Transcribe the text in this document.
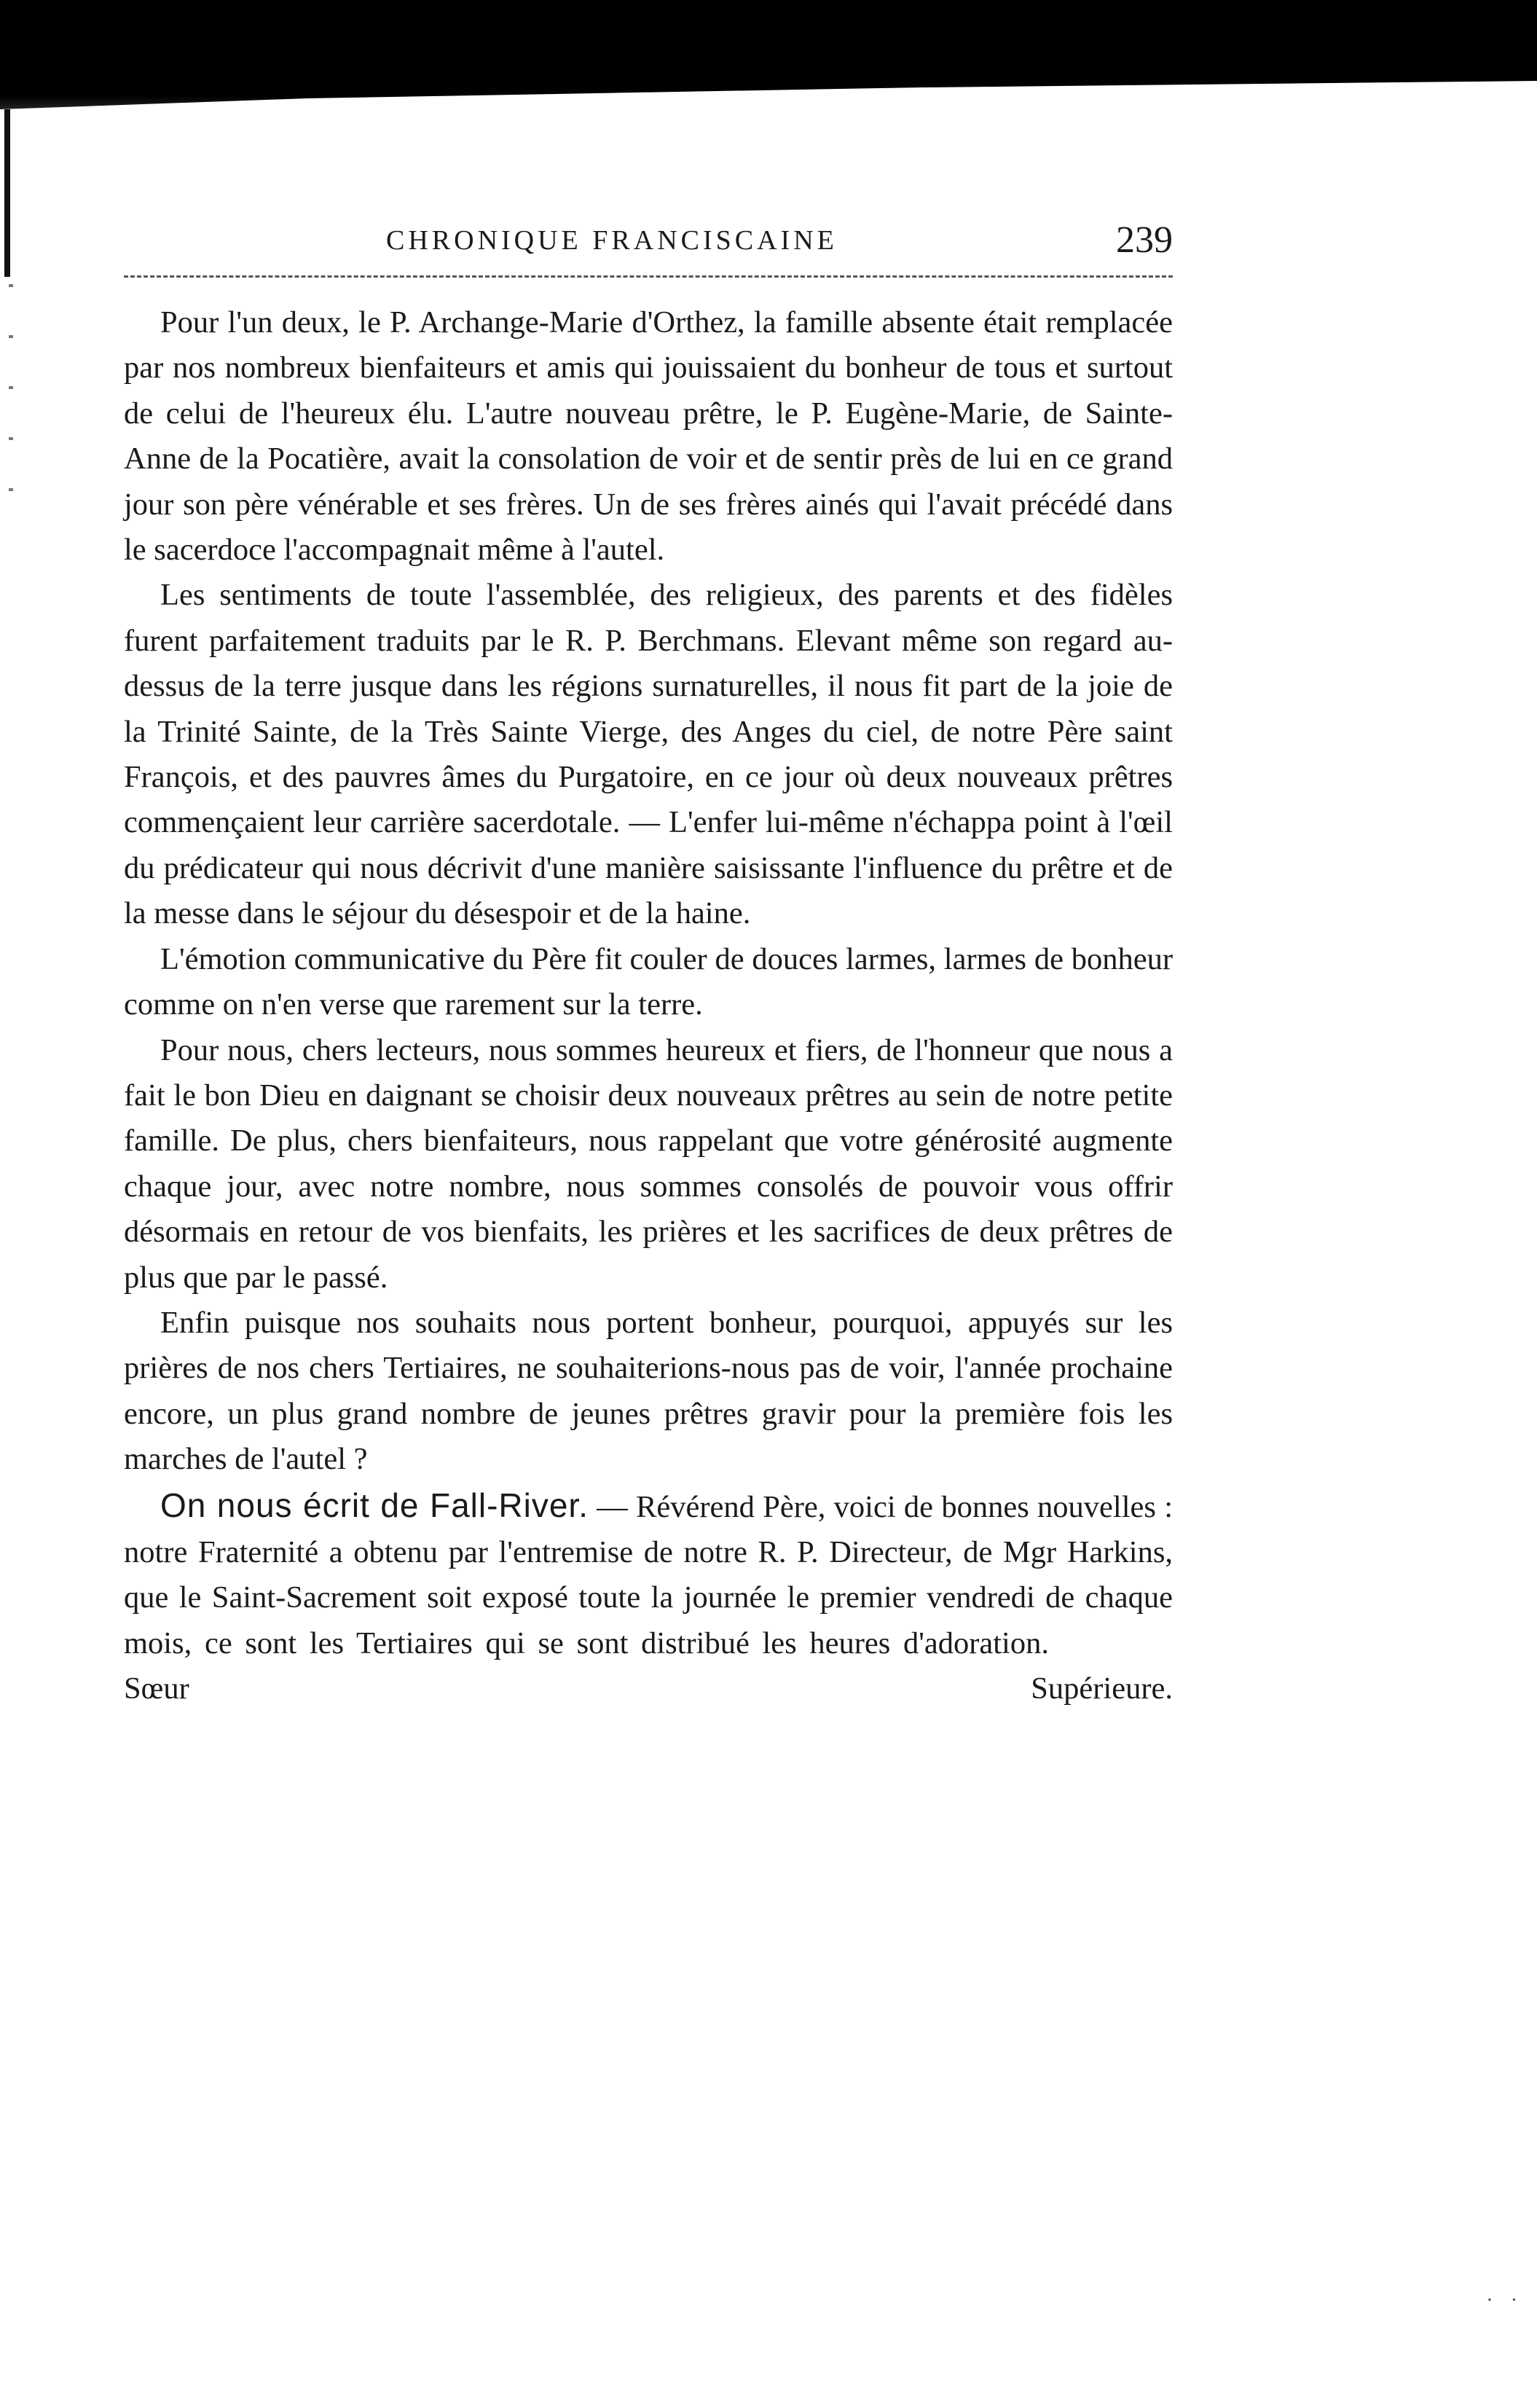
CHRONIQUE FRANCISCAINE	239

Pour l'un deux, le P. Archange-Marie d'Orthez, la famille absente était remplacée par nos nombreux bienfaiteurs et amis qui jouissaient du bonheur de tous et surtout de celui de l'heureux élu. L'autre nouveau prêtre, le P. Eugène-Marie, de Sainte-Anne de la Pocatière, avait la consolation de voir et de sentir près de lui en ce grand jour son père vénérable et ses frères. Un de ses frères ainés qui l'avait précédé dans le sacerdoce l'accompagnait même à l'autel.

Les sentiments de toute l'assemblée, des religieux, des parents et des fidèles furent parfaitement traduits par le R. P. Berchmans. Elevant même son regard au-dessus de la terre jusque dans les régions surnaturelles, il nous fit part de la joie de la Trinité Sainte, de la Très Sainte Vierge, des Anges du ciel, de notre Père saint François, et des pauvres âmes du Purgatoire, en ce jour où deux nouveaux prêtres commençaient leur carrière sacerdotale. — L'enfer lui-même n'échappa point à l'œil du prédicateur qui nous décrivit d'une manière saisissante l'influence du prêtre et de la messe dans le séjour du désespoir et de la haine.

L'émotion communicative du Père fit couler de douces larmes, larmes de bonheur comme on n'en verse que rarement sur la terre.

Pour nous, chers lecteurs, nous sommes heureux et fiers, de l'honneur que nous a fait le bon Dieu en daignant se choisir deux nouveaux prêtres au sein de notre petite famille. De plus, chers bienfaiteurs, nous rappelant que votre générosité augmente chaque jour, avec notre nombre, nous sommes consolés de pouvoir vous offrir désormais en retour de vos bienfaits, les prières et les sacrifices de deux prêtres de plus que par le passé.

Enfin puisque nos souhaits nous portent bonheur, pourquoi, appuyés sur les prières de nos chers Tertiaires, ne souhaiterions-nous pas de voir, l'année prochaine encore, un plus grand nombre de jeunes prêtres gravir pour la première fois les marches de l'autel ?

On nous écrit de Fall-River. — Révérend Père, voici de bonnes nouvelles : notre Fraternité a obtenu par l'entremise de notre R. P. Directeur, de Mgr Harkins, que le Saint-Sacrement soit exposé toute la journée le premier vendredi de chaque mois, ce sont les Tertiaires qui se sont distribué les heures d'adoration.    Sœur Supérieure.

· ·
